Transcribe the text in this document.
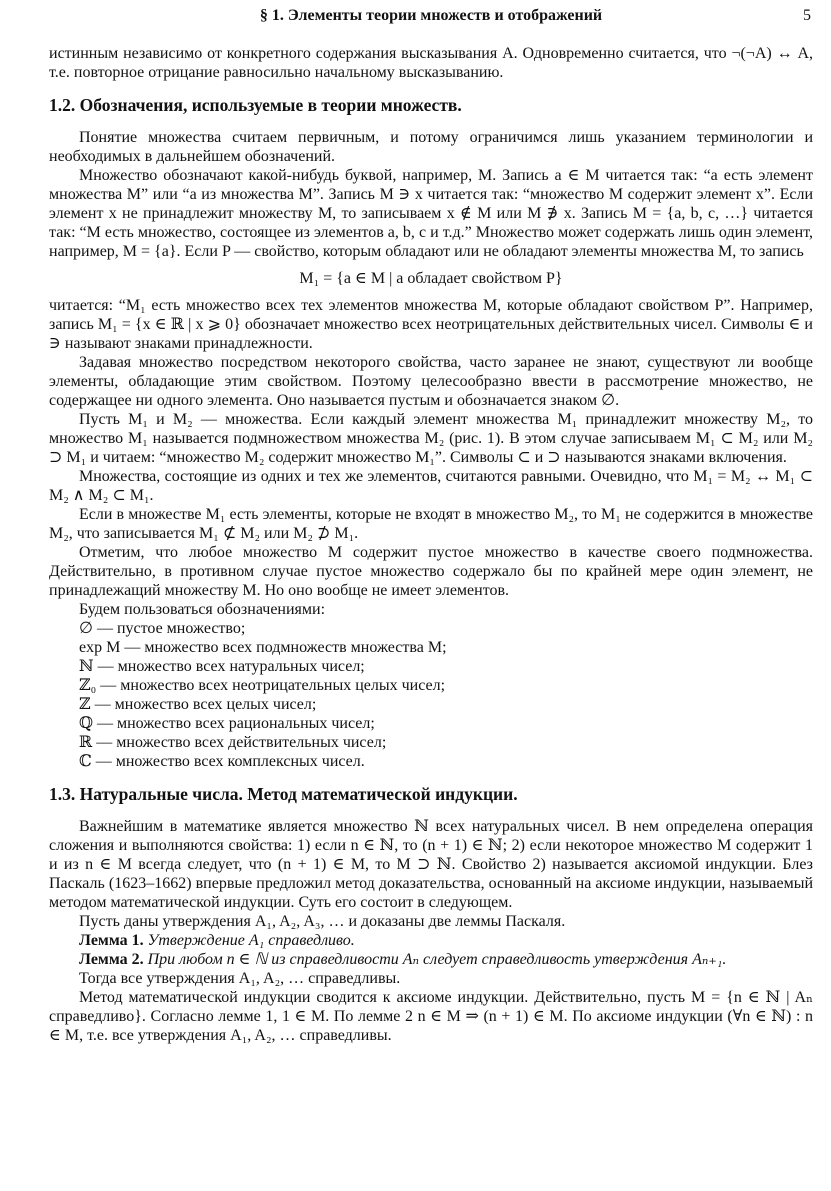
§ 1. Элементы теории множеств и отображений	5

истинным независимо от конкретного содержания высказывания A. Одновременно считается, что ¬(¬A) ↔ A, т.е. повторное отрицание равносильно начальному высказыванию.

1.2. Обозначения, используемые в теории множеств.

Понятие множества считаем первичным, и потому ограничимся лишь указанием терминологии и необходимых в дальнейшем обозначений.

Множество обозначают какой-нибудь буквой, например, M. Запись a ∈ M читается так: “a есть элемент множества M” или “a из множества M”. Запись M ∋ x читается так: “множество M содержит элемент x”. Если элемент x не принадлежит множеству M, то записываем x ∉ M или M ∌ x. Запись M = {a, b, c, …} читается так: “M есть множество, состоящее из элементов a, b, c и т.д.” Множество может содержать лишь один элемент, например, M = {a}. Если P — свойство, которым обладают или не обладают элементы множества M, то запись

M₁ = {a ∈ M | a обладает свойством P}

читается: “M₁ есть множество всех тех элементов множества M, которые обладают свойством P”. Например, запись M₁ = {x ∈ ℝ | x ⩾ 0} обозначает множество всех неотрицательных действительных чисел. Символы ∈ и ∋ называют знаками принадлежности.

Задавая множество посредством некоторого свойства, часто заранее не знают, существуют ли вообще элементы, обладающие этим свойством. Поэтому целесообразно ввести в рассмотрение множество, не содержащее ни одного элемента. Оно называется пустым и обозначается знаком ∅.

Пусть M₁ и M₂ — множества. Если каждый элемент множества M₁ принадлежит множеству M₂, то множество M₁ называется подмножеством множества M₂ (рис. 1). В этом случае записываем M₁ ⊂ M₂ или M₂ ⊃ M₁ и читаем: “множество M₂ содержит множество M₁”. Символы ⊂ и ⊃ называются знаками включения.

Множества, состоящие из одних и тех же элементов, считаются равными. Очевидно, что M₁ = M₂ ↔ M₁ ⊂ M₂ ∧ M₂ ⊂ M₁.

Если в множестве M₁ есть элементы, которые не входят в множество M₂, то M₁ не содержится в множестве M₂, что записывается M₁ ⊄ M₂ или M₂ ⊅ M₁.

Отметим, что любое множество M содержит пустое множество в качестве своего подмножества. Действительно, в противном случае пустое множество содержало бы по крайней мере один элемент, не принадлежащий множеству M. Но оно вообще не имеет элементов.

Будем пользоваться обозначениями:

∅ — пустое множество;
exp M — множество всех подмножеств множества M;
ℕ — множество всех натуральных чисел;
ℤ₀ — множество всех неотрицательных целых чисел;
ℤ — множество всех целых чисел;
ℚ — множество всех рациональных чисел;
ℝ — множество всех действительных чисел;
ℂ — множество всех комплексных чисел.
1.3. Натуральные числа. Метод математической индукции.

Важнейшим в математике является множество ℕ всех натуральных чисел. В нем определена операция сложения и выполняются свойства: 1) если n ∈ ℕ, то (n + 1) ∈ ℕ; 2) если некоторое множество M содержит 1 и из n ∈ M всегда следует, что (n + 1) ∈ M, то M ⊃ ℕ. Свойство 2) называется аксиомой индукции. Блез Паскаль (1623–1662) впервые предложил метод доказательства, основанный на аксиоме индукции, называемый методом математической индукции. Суть его состоит в следующем.

Пусть даны утверждения A₁, A₂, A₃, … и доказаны две леммы Паскаля.

Лемма 1. Утверждение A₁ справедливо.
Лемма 2. При любом n ∈ ℕ из справедливости Aₙ следует справедливость утверждения Aₙ₊₁.

Тогда все утверждения A₁, A₂, … справедливы.

Метод математической индукции сводится к аксиоме индукции. Действительно, пусть M = {n ∈ ℕ | Aₙ справедливо}. Согласно лемме 1, 1 ∈ M. По лемме 2 n ∈ M ⇒ (n + 1) ∈ M. По аксиоме индукции (∀n ∈ ℕ) : n ∈ M, т.е. все утверждения A₁, A₂, … справедливы.
